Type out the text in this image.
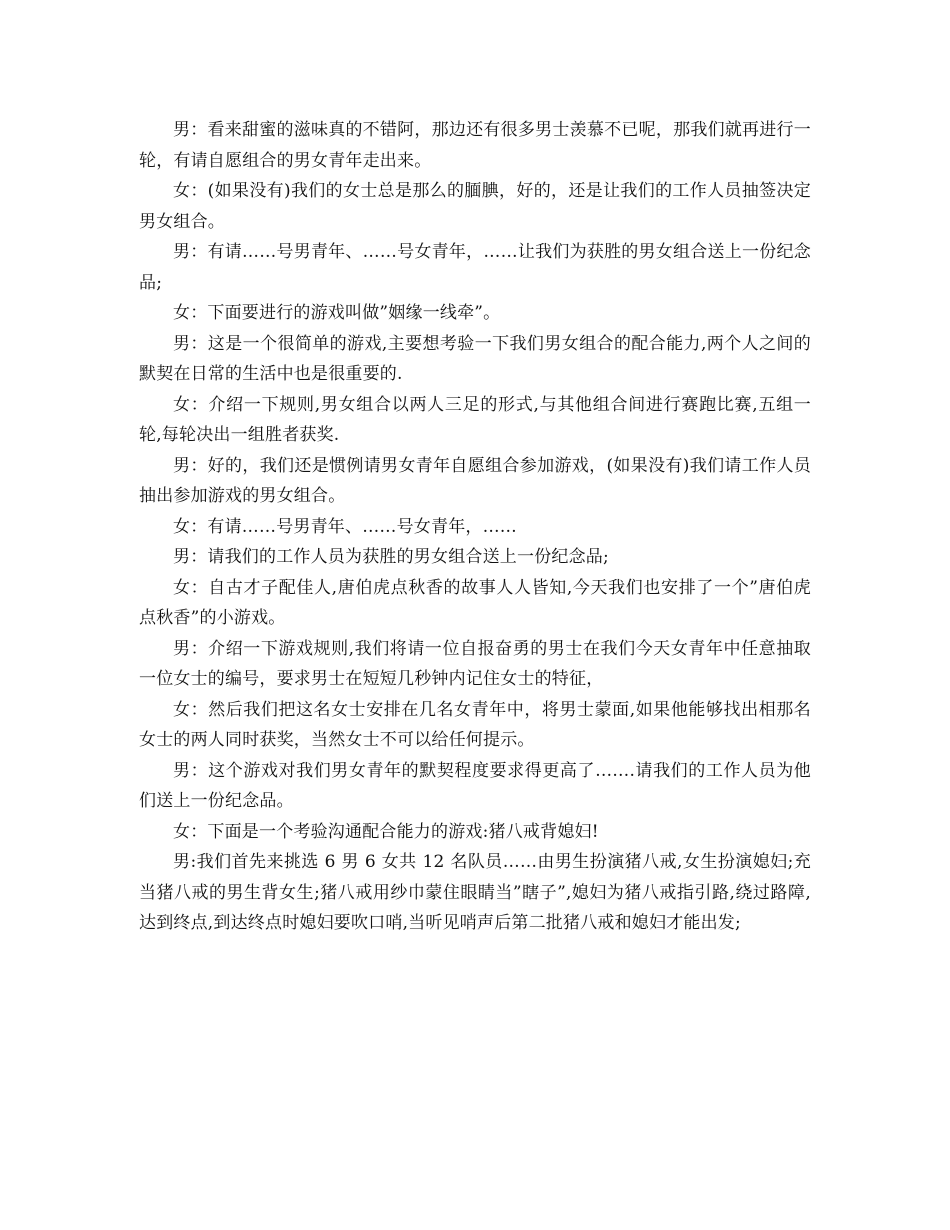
男：看来甜蜜的滋味真的不错阿，那边还有很多男士羡慕不已呢，那我们就再进行一轮，有请自愿组合的男女青年走出来。

女：(如果没有)我们的女士总是那么的腼腆，好的，还是让我们的工作人员抽签决定男女组合。

男：有请……号男青年、……号女青年，……让我们为获胜的男女组合送上一份纪念品;

女：下面要进行的游戏叫做”姻缘一线牵”。

男：这是一个很简单的游戏,主要想考验一下我们男女组合的配合能力,两个人之间的默契在日常的生活中也是很重要的.

女：介绍一下规则,男女组合以两人三足的形式,与其他组合间进行赛跑比赛,五组一轮,每轮决出一组胜者获奖.

男：好的，我们还是惯例请男女青年自愿组合参加游戏，(如果没有)我们请工作人员抽出参加游戏的男女组合。

女：有请……号男青年、……号女青年，……

男：请我们的工作人员为获胜的男女组合送上一份纪念品;

女：自古才子配佳人,唐伯虎点秋香的故事人人皆知,今天我们也安排了一个”唐伯虎点秋香”的小游戏。

男：介绍一下游戏规则,我们将请一位自报奋勇的男士在我们今天女青年中任意抽取一位女士的编号，要求男士在短短几秒钟内记住女士的特征，

女：然后我们把这名女士安排在几名女青年中，将男士蒙面,如果他能够找出相那名女士的两人同时获奖，当然女士不可以给任何提示。

男：这个游戏对我们男女青年的默契程度要求得更高了…….请我们的工作人员为他们送上一份纪念品。

女：下面是一个考验沟通配合能力的游戏:猪八戒背媳妇!

男:我们首先来挑选 6 男 6 女共 12 名队员……由男生扮演猪八戒,女生扮演媳妇;充当猪八戒的男生背女生;猪八戒用纱巾蒙住眼睛当”瞎子”,媳妇为猪八戒指引路,绕过路障,达到终点,到达终点时媳妇要吹口哨,当听见哨声后第二批猪八戒和媳妇才能出发;
